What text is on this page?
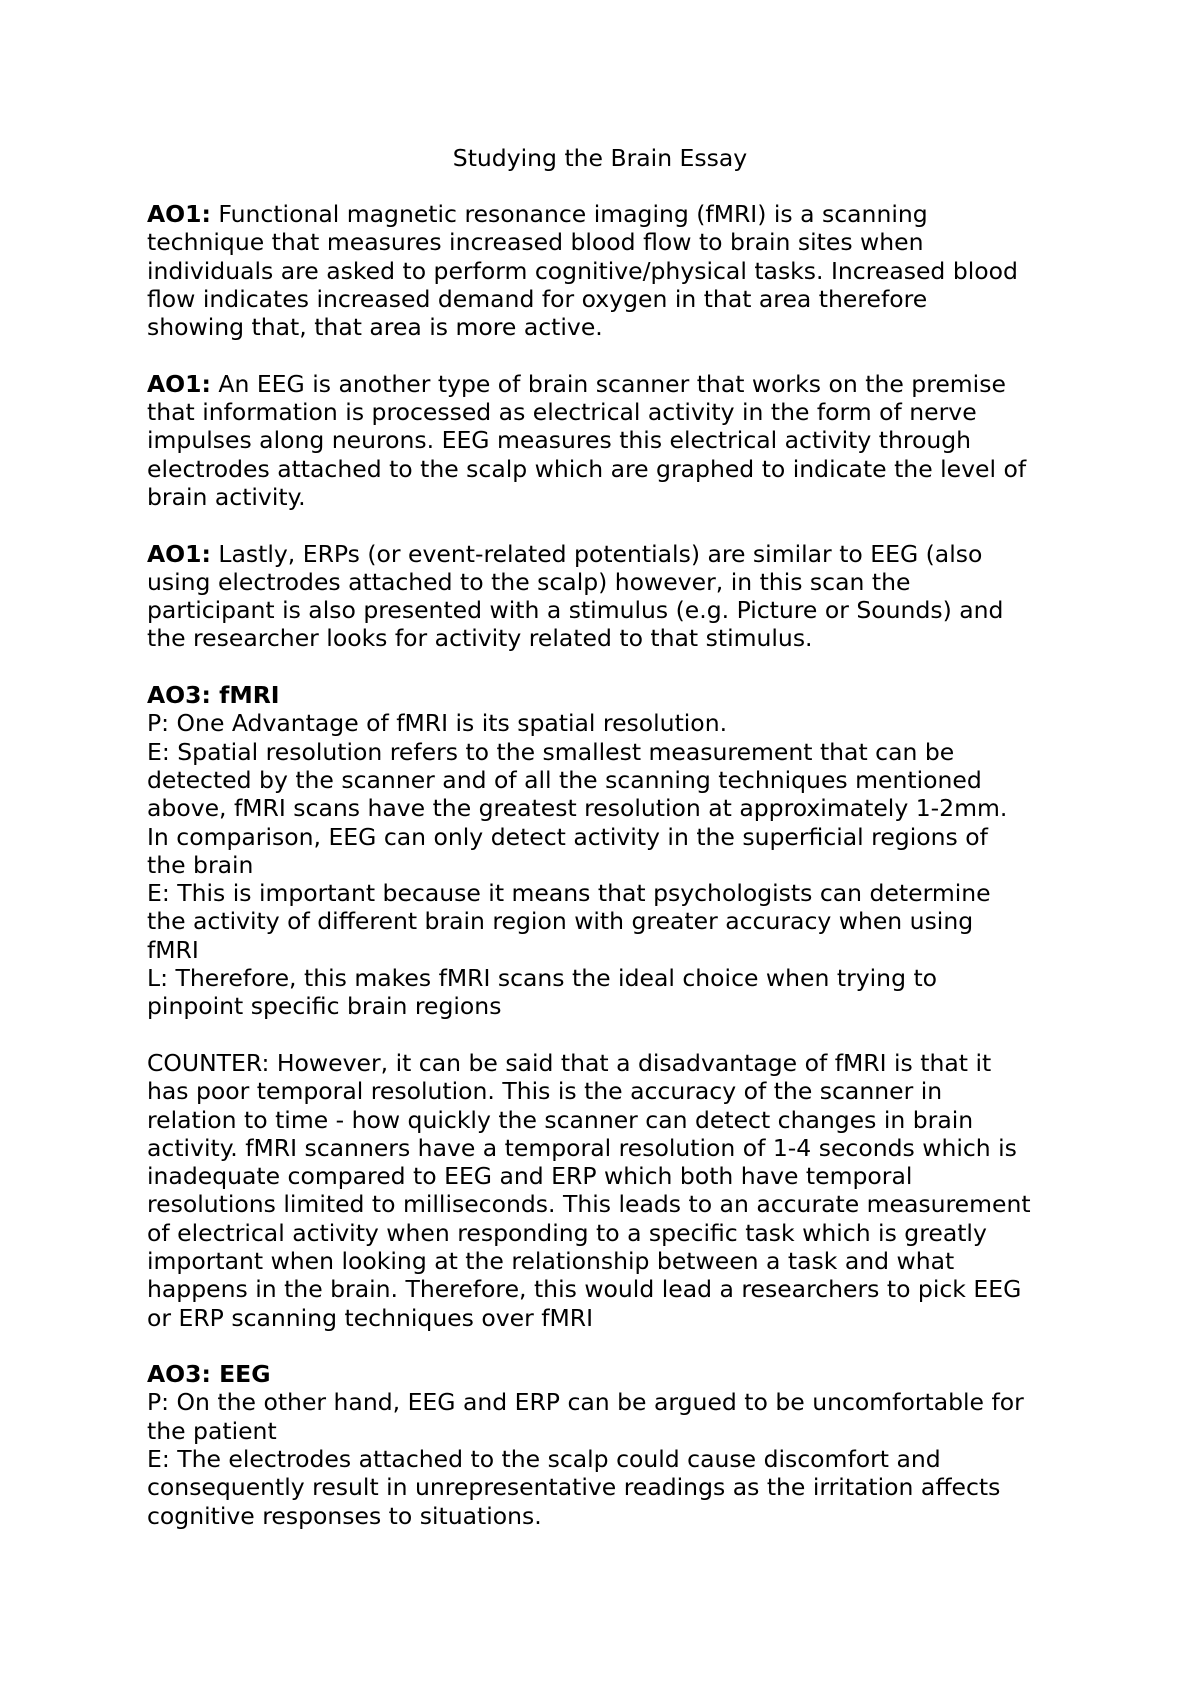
Studying the Brain Essay
AO1: Functional magnetic resonance imaging (fMRI) is a scanning
technique that measures increased blood flow to brain sites when
individuals are asked to perform cognitive/physical tasks. Increased blood
flow indicates increased demand for oxygen in that area therefore
showing that, that area is more active.
AO1: An EEG is another type of brain scanner that works on the premise
that information is processed as electrical activity in the form of nerve
impulses along neurons. EEG measures this electrical activity through
electrodes attached to the scalp which are graphed to indicate the level of
brain activity.
AO1: Lastly, ERPs (or event-related potentials) are similar to EEG (also
using electrodes attached to the scalp) however, in this scan the
participant is also presented with a stimulus (e.g. Picture or Sounds) and
the researcher looks for activity related to that stimulus.
AO3: fMRI
P: One Advantage of fMRI is its spatial resolution.
E: Spatial resolution refers to the smallest measurement that can be
detected by the scanner and of all the scanning techniques mentioned
above, fMRI scans have the greatest resolution at approximately 1-2mm.
In comparison, EEG can only detect activity in the superficial regions of
the brain
E: This is important because it means that psychologists can determine
the activity of different brain region with greater accuracy when using
fMRI
L: Therefore, this makes fMRI scans the ideal choice when trying to
pinpoint specific brain regions
COUNTER: However, it can be said that a disadvantage of fMRI is that it
has poor temporal resolution. This is the accuracy of the scanner in
relation to time - how quickly the scanner can detect changes in brain
activity. fMRI scanners have a temporal resolution of 1-4 seconds which is
inadequate compared to EEG and ERP which both have temporal
resolutions limited to milliseconds. This leads to an accurate measurement
of electrical activity when responding to a specific task which is greatly
important when looking at the relationship between a task and what
happens in the brain. Therefore, this would lead a researchers to pick EEG
or ERP scanning techniques over fMRI
AO3: EEG
P: On the other hand, EEG and ERP can be argued to be uncomfortable for
the patient
E: The electrodes attached to the scalp could cause discomfort and
consequently result in unrepresentative readings as the irritation affects
cognitive responses to situations.
